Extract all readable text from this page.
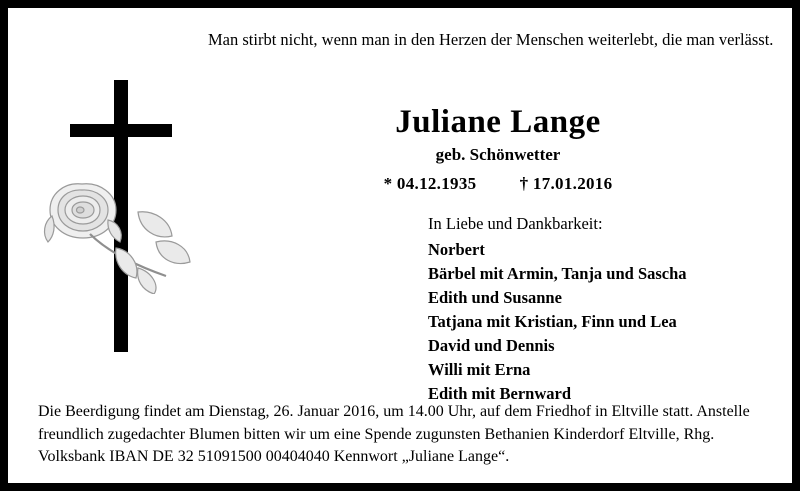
Man stirbt nicht, wenn man in den Herzen der Menschen weiterlebt, die man verlässt.
Juliane Lange
geb. Schönwetter
* 04.12.1935	† 17.01.2016
In Liebe und Dankbarkeit:
Norbert
Bärbel mit Armin, Tanja und Sascha
Edith und Susanne
Tatjana mit Kristian, Finn und Lea
David und Dennis
Willi mit Erna
Edith mit Bernward

Die Beerdigung findet am Dienstag, 26. Januar 2016, um 14.00 Uhr, auf dem Friedhof in Eltville statt. Anstelle freundlich zugedachter Blumen bitten wir um eine Spende zugunsten Bethanien Kinderdorf Eltville, Rhg. Volksbank IBAN DE 32 51091500 00404040 Kennwort „Juliane Lange“.
